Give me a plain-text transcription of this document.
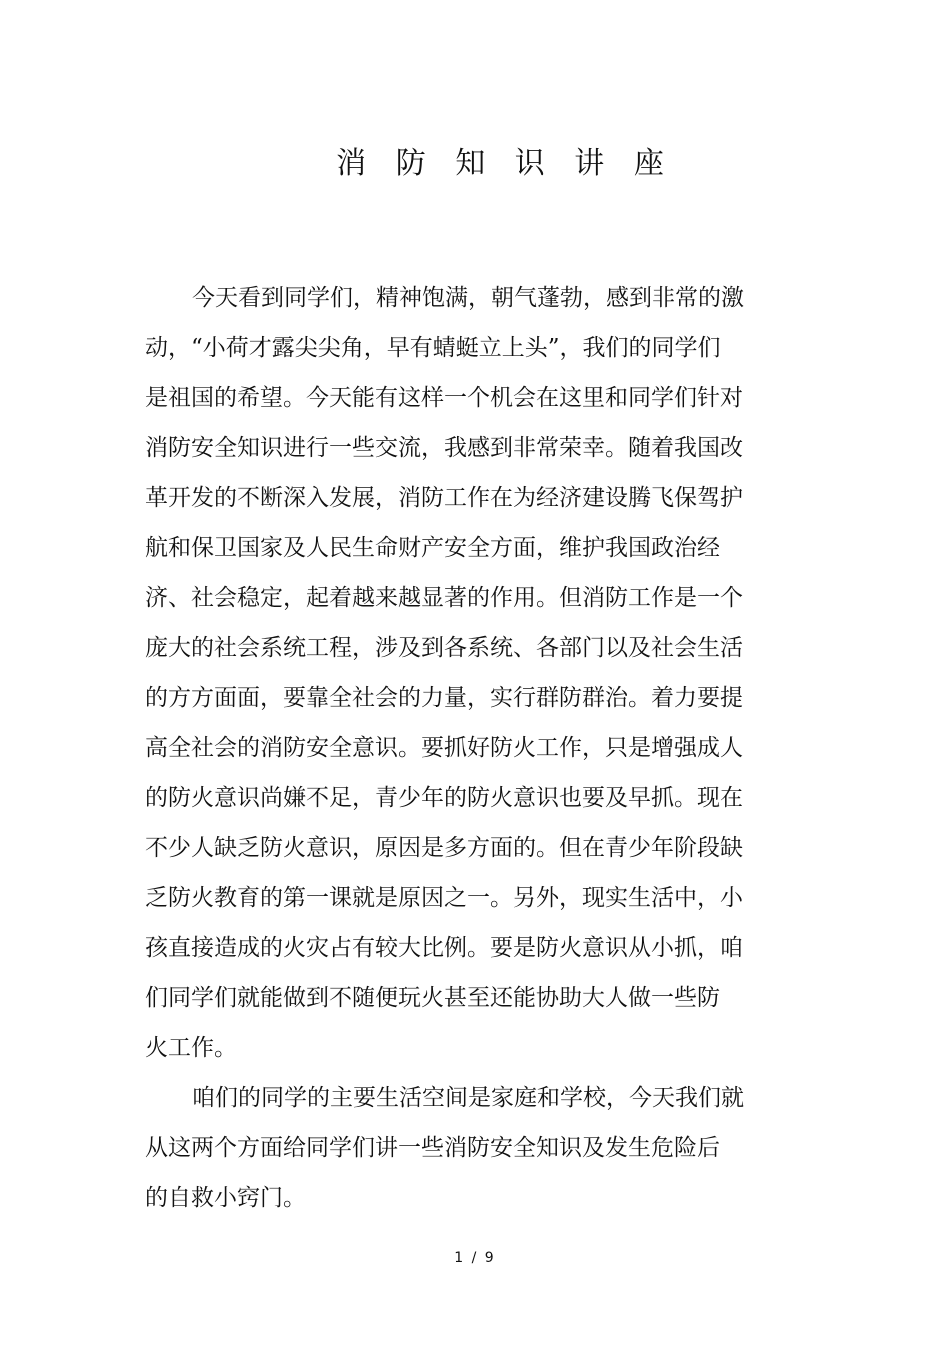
消 防 知 识 讲 座
今天看到同学们，精神饱满，朝气蓬勃，感到非常的激
动，“小荷才露尖尖角，早有蜻蜓立上头”，我们的同学们
是祖国的希望。今天能有这样一个机会在这里和同学们针对
消防安全知识进行一些交流，我感到非常荣幸。随着我国改
革开发的不断深入发展，消防工作在为经济建设腾飞保驾护
航和保卫国家及人民生命财产安全方面，维护我国政治经
济、社会稳定，起着越来越显著的作用。但消防工作是一个
庞大的社会系统工程，涉及到各系统、各部门以及社会生活
的方方面面，要靠全社会的力量，实行群防群治。着力要提
高全社会的消防安全意识。要抓好防火工作，只是增强成人
的防火意识尚嫌不足，青少年的防火意识也要及早抓。现在
不少人缺乏防火意识，原因是多方面的。但在青少年阶段缺
乏防火教育的第一课就是原因之一。另外，现实生活中，小
孩直接造成的火灾占有较大比例。要是防火意识从小抓，咱
们同学们就能做到不随便玩火甚至还能协助大人做一些防
火工作。
咱们的同学的主要生活空间是家庭和学校，今天我们就
从这两个方面给同学们讲一些消防安全知识及发生危险后
的自救小窍门。
1 / 9
